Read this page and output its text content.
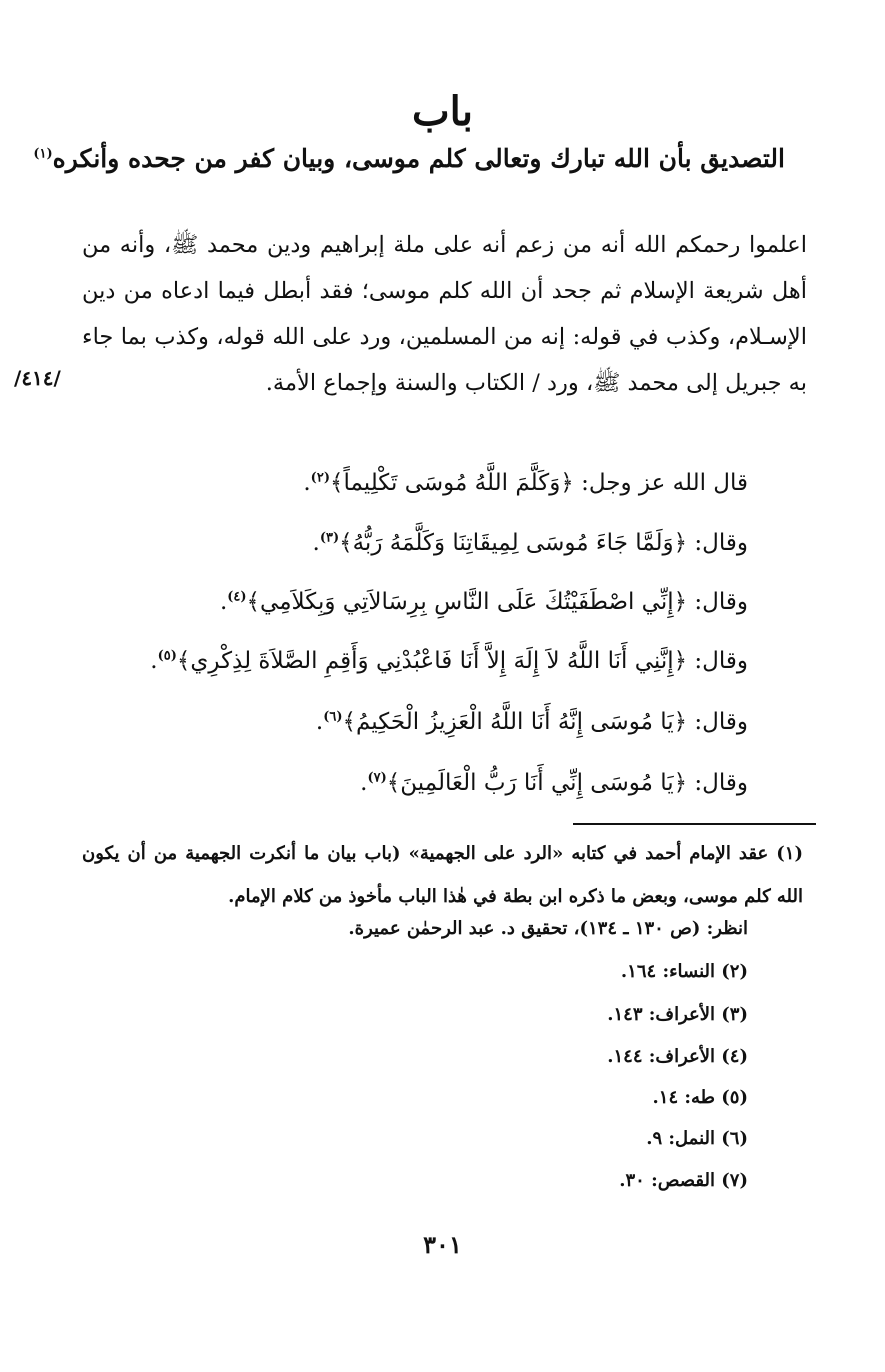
باب
التصديق بأن الله تبارك وتعالى كلم موسى، وبيان كفر من جحده وأنكره$^{(١)}$

اعلموا رحمكم الله أنه من زعم أنه على ملة إبراهيم ودين محمد ﷺ، وأنه من أهل شريعة الإسلام ثم جحد أن الله كلم موسى؛ فقد أبطل فيما ادعاه من دين الإسـلام، وكذب في قوله: إنه من المسلمين، ورد على الله قوله، وكذب بما جاء به جبريل إلى محمد ﷺ، ورد / الكتاب والسنة وإجماع الأمة.

/٤١٤/
قال الله عز وجل: ﴿وَكَلَّمَ اللَّهُ مُوسَى تَكْلِيماً﴾$^{(٢)}$.
وقال: ﴿وَلَمَّا جَاءَ مُوسَى لِمِيقَاتِنَا وَكَلَّمَهُ رَبُّهُ﴾$^{(٣)}$.
وقال: ﴿إِنِّي اصْطَفَيْتُكَ عَلَى النَّاسِ بِرِسَالاَتِي وَبِكَلاَمِي﴾$^{(٤)}$.
وقال: ﴿إِنَّنِي أَنَا اللَّهُ لاَ إِلَهَ إِلاَّ أَنَا فَاعْبُدْنِي وَأَقِمِ الصَّلاَةَ لِذِكْرِي﴾$^{(٥)}$.
وقال: ﴿يَا مُوسَى إِنَّهُ أَنَا اللَّهُ الْعَزِيزُ الْحَكِيمُ﴾$^{(٦)}$.
وقال: ﴿يَا مُوسَى إِنِّي أَنَا رَبُّ الْعَالَمِينَ﴾$^{(٧)}$.

(١) عقد الإمام أحمد في كتابه «الرد على الجهمية» (باب بيان ما أنكرت الجهمية من أن يكون الله كلم موسى، وبعض ما ذكره ابن بطة في هٰذا الباب مأخوذ من كلام الإمام.

انظر: (ص ١٣٠ ـ ١٣٤)، تحقيق د. عبد الرحمٰن عميرة.
(٢) النساء: ١٦٤.
(٣) الأعراف: ١٤٣.
(٤) الأعراف: ١٤٤.
(٥) طه: ١٤.
(٦) النمل: ٩.
(٧) القصص: ٣٠.
٣٠١
